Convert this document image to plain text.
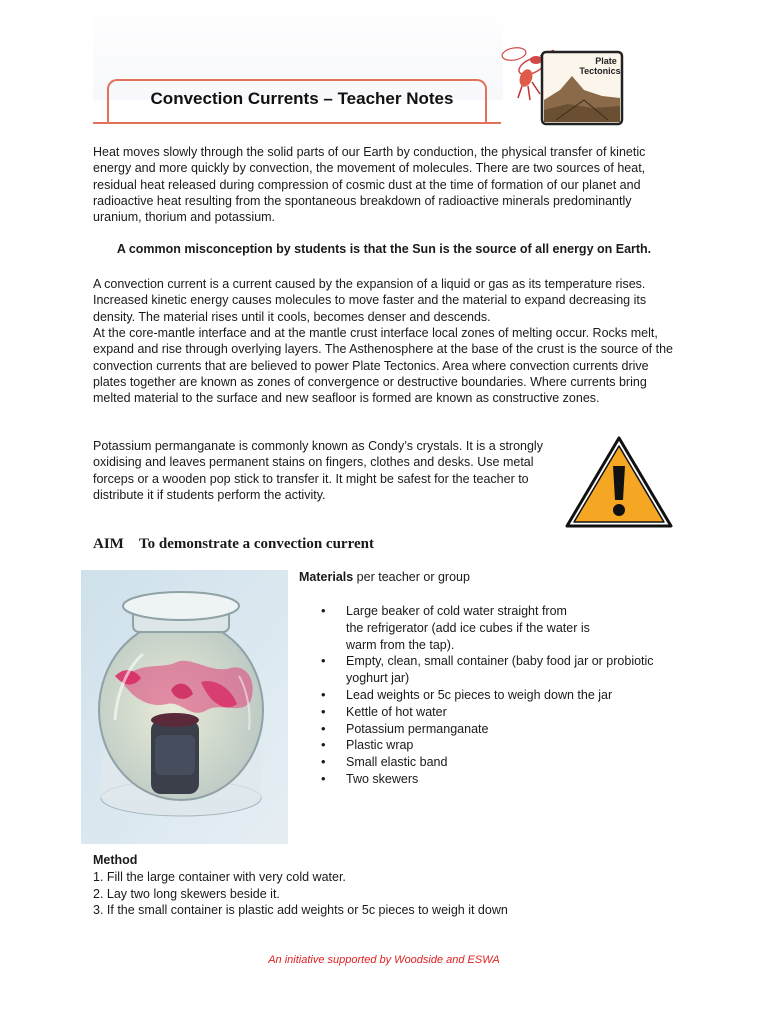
Convection Currents – Teacher Notes
Plate
Tectonics

Heat moves slowly through the solid parts of our Earth by conduction, the physical transfer of kinetic energy and more quickly by convection, the movement of molecules. There are two sources of heat, residual heat released during compression of cosmic dust at the time of formation of our planet and radioactive heat resulting from the spontaneous breakdown of radioactive minerals predominantly uranium, thorium and potassium.

A common misconception by students is that the Sun is the source of all energy on Earth.

A convection current is a current caused by the expansion of a liquid or gas as its temperature rises. Increased kinetic energy causes molecules to move faster and the material to expand decreasing its density. The material rises until it cools, becomes denser and descends.

At the core-mantle interface and at the mantle crust interface local zones of melting occur. Rocks melt, expand and rise through overlying layers. The Asthenosphere at the base of the crust is the source of the convection currents that are believed to power Plate Tectonics. Area where convection currents drive plates together are known as zones of convergence or destructive boundaries. Where currents bring melted material to the surface and new seafloor is formed are known as constructive zones.

Potassium permanganate is commonly known as Condy’s crystals. It is a strongly oxidising and leaves permanent stains on fingers, clothes and desks. Use metal forceps or a wooden pop stick to transfer it. It might be safest for the teacher to distribute it if students perform the activity.

AIM To demonstrate a convection current
Materials per teacher or group
• Large beaker of cold water straight from
the refrigerator (add ice cubes if the water is
warm from the tap).
• Empty, clean, small container (baby food jar or probiotic
yoghurt jar)
• Lead weights or 5c pieces to weigh down the jar
• Kettle of hot water
• Potassium permanganate
• Plastic wrap
• Small elastic band
• Two skewers
Method
1. Fill the large container with very cold water.
2. Lay two long skewers beside it.
3. If the small container is plastic add weights or 5c pieces to weigh it down
An initiative supported by Woodside and ESWA
